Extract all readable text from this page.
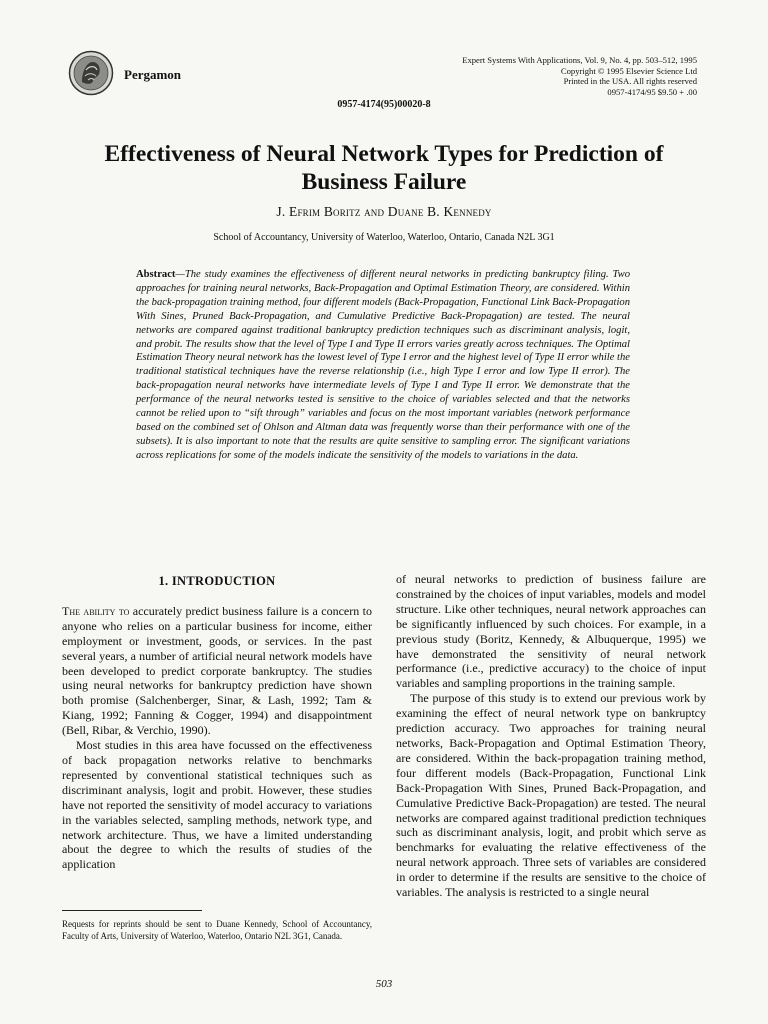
Pergamon
Expert Systems With Applications, Vol. 9, No. 4, pp. 503–512, 1995
Copyright © 1995 Elsevier Science Ltd
Printed in the USA. All rights reserved
0957-4174/95 $9.50 + .00
0957-4174(95)00020-8
Effectiveness of Neural Network Types for Prediction of Business Failure
J. Efrim Boritz and Duane B. Kennedy
School of Accountancy, University of Waterloo, Waterloo, Ontario, Canada N2L 3G1
Abstract—The study examines the effectiveness of different neural networks in predicting bankruptcy filing. Two approaches for training neural networks, Back-Propagation and Optimal Estimation Theory, are considered. Within the back-propagation training method, four different models (Back-Propagation, Functional Link Back-Propagation With Sines, Pruned Back-Propagation, and Cumulative Predictive Back-Propagation) are tested. The neural networks are compared against traditional bankruptcy prediction techniques such as discriminant analysis, logit, and probit. The results show that the level of Type I and Type II errors varies greatly across techniques. The Optimal Estimation Theory neural network has the lowest level of Type I error and the highest level of Type II error while the traditional statistical techniques have the reverse relationship (i.e., high Type I error and low Type II error). The back-propagation neural networks have intermediate levels of Type I and Type II error. We demonstrate that the performance of the neural networks tested is sensitive to the choice of variables selected and that the networks cannot be relied upon to “sift through” variables and focus on the most important variables (network performance based on the combined set of Ohlson and Altman data was frequently worse than their performance with one of the subsets). It is also important to note that the results are quite sensitive to sampling error. The significant variations across replications for some of the models indicate the sensitivity of the models to variations in the data.
1. INTRODUCTION

The ability to accurately predict business failure is a concern to anyone who relies on a particular business for income, either employment or investment, goods, or services. In the past several years, a number of artificial neural network models have been developed to predict corporate bankruptcy. The studies using neural networks for bankruptcy prediction have shown both promise (Salchenberger, Sinar, & Lash, 1992; Tam & Kiang, 1992; Fanning & Cogger, 1994) and disappointment (Bell, Ribar, & Verchio, 1990).

Most studies in this area have focussed on the effectiveness of back propagation networks relative to benchmarks represented by conventional statistical techniques such as discriminant analysis, logit and probit. However, these studies have not reported the sensitivity of model accuracy to variations in the variables selected, sampling methods, network type, and network architecture. Thus, we have a limited understanding about the degree to which the results of studies of the application

of neural networks to prediction of business failure are constrained by the choices of input variables, models and model structure. Like other techniques, neural network approaches can be significantly influenced by such choices. For example, in a previous study (Boritz, Kennedy, & Albuquerque, 1995) we have demonstrated the sensitivity of neural network performance (i.e., predictive accuracy) to the choice of input variables and sampling proportions in the training sample.

The purpose of this study is to extend our previous work by examining the effect of neural network type on bankruptcy prediction accuracy. Two approaches for training neural networks, Back-Propagation and Optimal Estimation Theory, are considered. Within the back-propagation training method, four different models (Back-Propagation, Functional Link Back-Propagation With Sines, Pruned Back-Propagation, and Cumulative Predictive Back-Propagation) are tested. The neural networks are compared against traditional prediction techniques such as discriminant analysis, logit, and probit which serve as benchmarks for evaluating the relative effectiveness of the neural network approach. Three sets of variables are considered in order to determine if the results are sensitive to the choice of variables. The analysis is restricted to a single neural

Requests for reprints should be sent to Duane Kennedy, School of Accountancy, Faculty of Arts, University of Waterloo, Waterloo, Ontario N2L 3G1, Canada.
503
